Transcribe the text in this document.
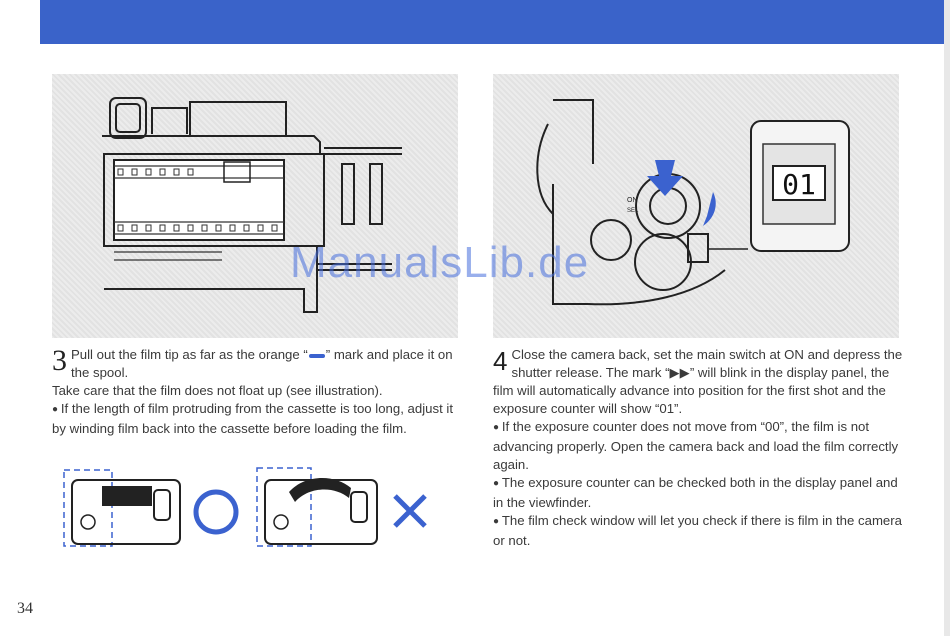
ON
SEL
01
ManualsLib.de

3 Pull out the film tip as far as the orange “ ” mark and place it on the spool.

Take care that the film does not float up (see illustration).

● If the length of film protruding from the cassette is too long, adjust it by winding film back into the cassette before loading the film.

4 Close the camera back, set the main switch at ON and depress the shutter release. The mark “▶▶” will blink in the display panel, the film will automatically advance into position for the first shot and the exposure counter will show “01”.

● If the exposure counter does not move from “00”, the film is not advancing properly. Open the camera back and load the film correctly again.

● The exposure counter can be checked both in the display panel and in the viewfinder.

● The film check window will let you check if there is film in the camera or not.

34
